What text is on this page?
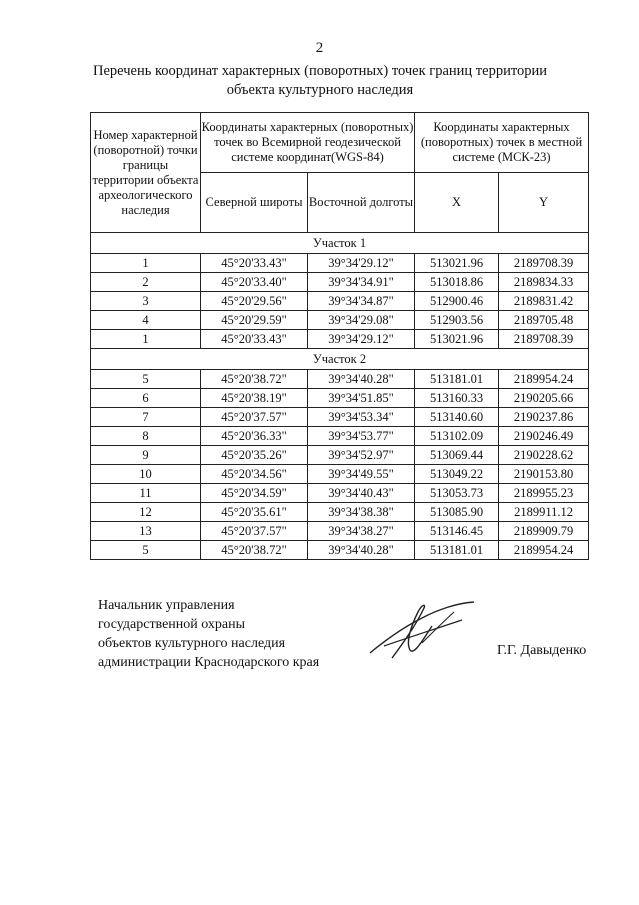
2
Перечень координат характерных (поворотных) точек границ территории
объекта культурного наследия
Номер характерной (поворотной) точки границы территории объекта археологического наследия	Координаты характерных (поворотных) точек во Всемирной геодезической системе координат(WGS-84)		Координаты характерных (поворотных) точек в местной системе (МСК-23)	
	Северной широты	Восточной долготы	X	Y
Участок 1				
1	45°20'33.43"	39°34'29.12"	513021.96	2189708.39
2	45°20'33.40"	39°34'34.91"	513018.86	2189834.33
3	45°20'29.56"	39°34'34.87"	512900.46	2189831.42
4	45°20'29.59"	39°34'29.08"	512903.56	2189705.48
1	45°20'33.43"	39°34'29.12"	513021.96	2189708.39
Участок 2				
5	45°20'38.72"	39°34'40.28"	513181.01	2189954.24
6	45°20'38.19"	39°34'51.85"	513160.33	2190205.66
7	45°20'37.57"	39°34'53.34"	513140.60	2190237.86
8	45°20'36.33"	39°34'53.77"	513102.09	2190246.49
9	45°20'35.26"	39°34'52.97"	513069.44	2190228.62
10	45°20'34.56"	39°34'49.55"	513049.22	2190153.80
11	45°20'34.59"	39°34'40.43"	513053.73	2189955.23
12	45°20'35.61"	39°34'38.38"	513085.90	2189911.12
13	45°20'37.57"	39°34'38.27"	513146.45	2189909.79
5	45°20'38.72"	39°34'40.28"	513181.01	2189954.24
Начальник управления
государственной охраны
объектов культурного наследия
администрации Краснодарского края
Г.Г. Давыденко
